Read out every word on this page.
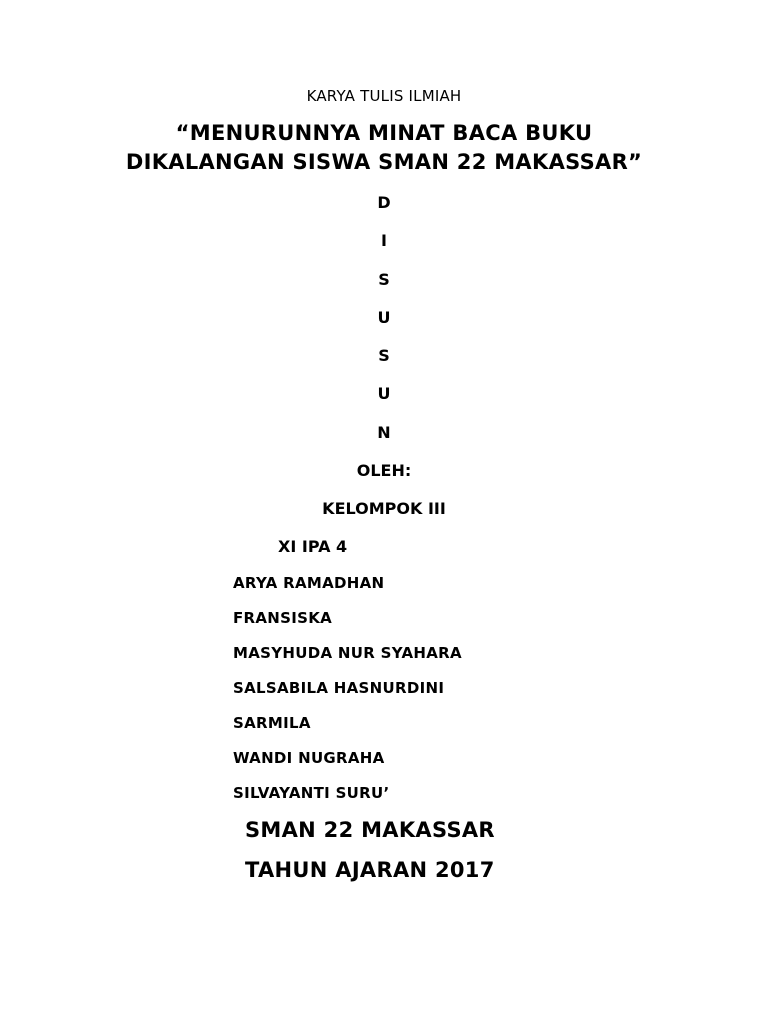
KARYA TULIS ILMIAH

“MENURUNNYA MINAT BACA BUKU

DIKALANGAN SISWA SMAN 22 MAKASSAR”

D

I

S

U

S

U

N

OLEH:

KELOMPOK III

XI IPA 4

ARYA RAMADHAN

FRANSISKA

MASYHUDA NUR SYAHARA

SALSABILA HASNURDINI

SARMILA

WANDI NUGRAHA

SILVAYANTI SURU’

SMAN 22 MAKASSAR

TAHUN AJARAN 2017
